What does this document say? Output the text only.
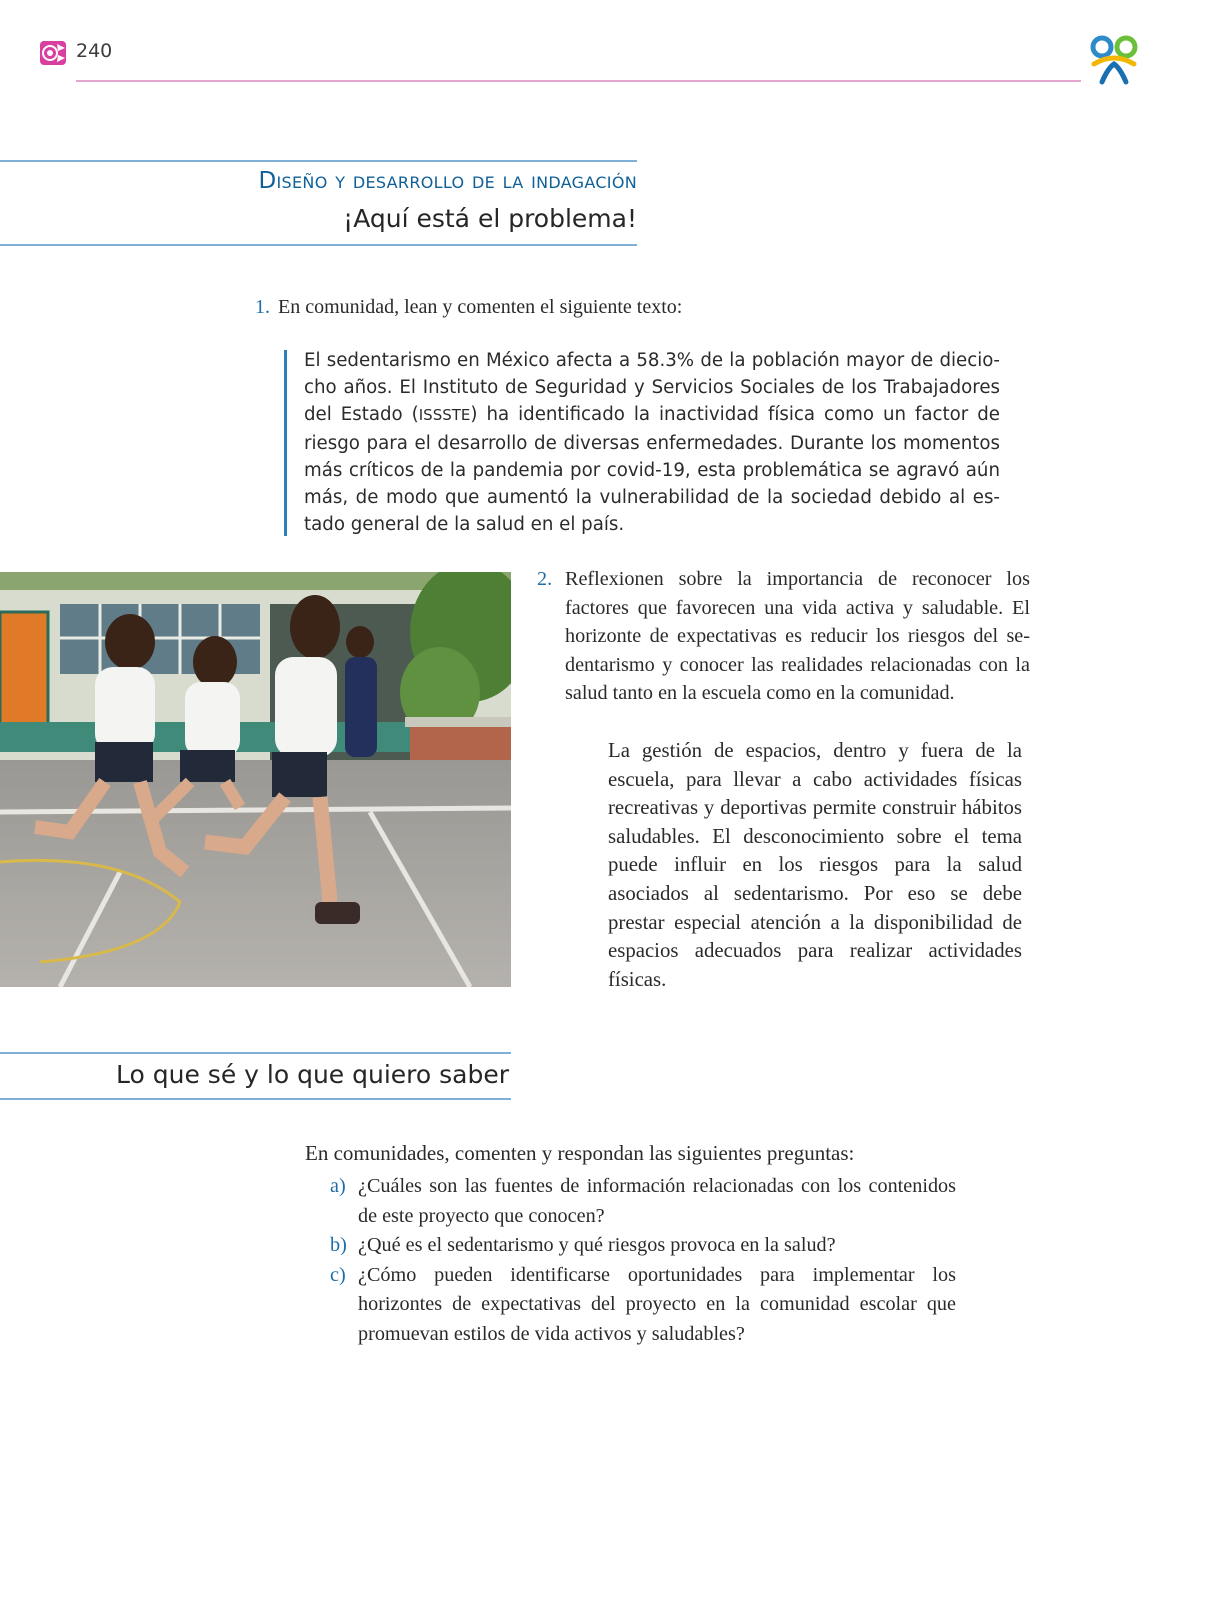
240
Diseño y desarrollo de la indagación
¡Aquí está el problema!
1. En comunidad, lean y comenten el siguiente texto:
El sedentarismo en México afecta a 58.3% de la población mayor de dieciocho años. El Instituto de Seguridad y Servicios Sociales de los Trabajadores del Estado (ISSSTE) ha identificado la inactividad física como un factor de riesgo para el desarrollo de diversas enfermedades. Durante los momentos más críticos de la pandemia por covid-19, esta problemática se agravó aún más, de modo que aumentó la vulnerabilidad de la sociedad debido al estado general de la salud en el país.
2. Reflexionen sobre la importancia de reconocer los factores que favorecen una vida activa y saludable. El horizonte de expectativas es reducir los riesgos del sedentarismo y conocer las realidades relacionadas con la salud tanto en la escuela como en la comunidad.
La gestión de espacios, dentro y fuera de la escuela, para llevar a cabo actividades físicas recreativas y deportivas permite construir hábitos saludables. El desconocimiento sobre el tema puede influir en los riesgos para la salud asociados al sedentarismo. Por eso se debe prestar especial atención a la disponibilidad de espacios adecuados para realizar actividades físicas.
Lo que sé y lo que quiero saber
En comunidades, comenten y respondan las siguientes preguntas:
a) ¿Cuáles son las fuentes de información relacionadas con los contenidos de este proyecto que conocen?
b) ¿Qué es el sedentarismo y qué riesgos provoca en la salud?
c) ¿Cómo pueden identificarse oportunidades para implementar los horizontes de expectativas del proyecto en la comunidad escolar que promuevan estilos de vida activos y saludables?
